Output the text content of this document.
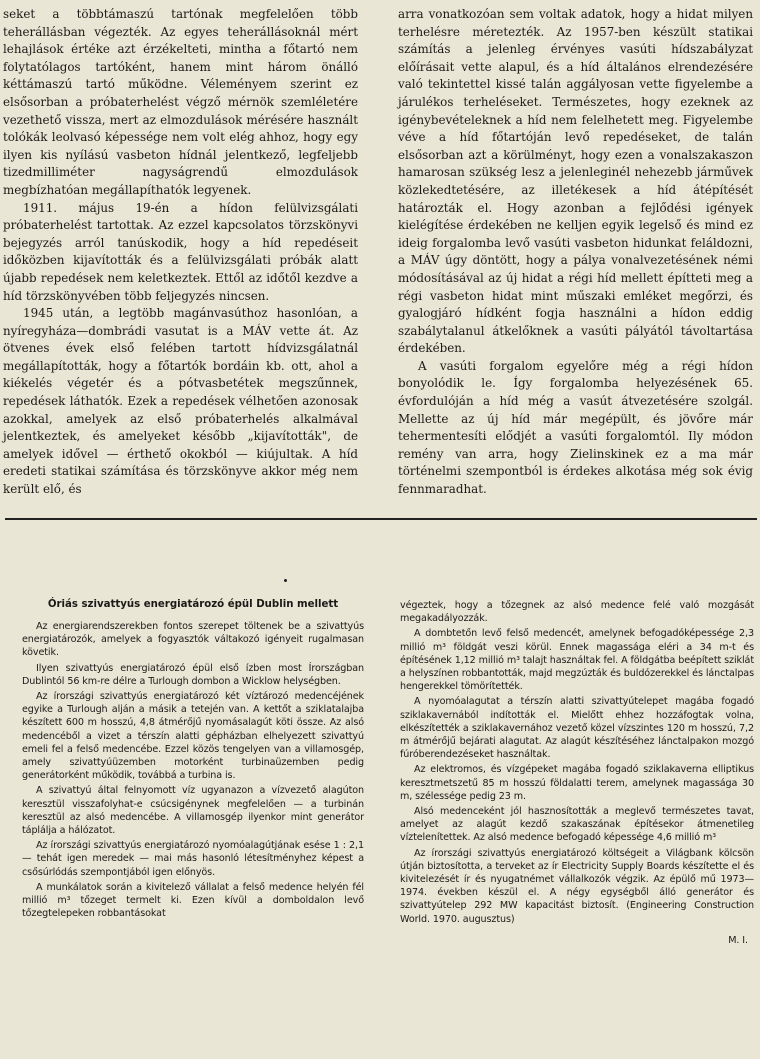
seket a többtámaszú tartónak megfelelően több teherállásban végezték. Az egyes teherállásoknál mért lehajlások értéke azt érzékelteti, mintha a főtartó nem folytatólagos tartóként, hanem mint három önálló kéttámaszú tartó működne. Véleményem szerint ez elsősorban a próbaterhelést végző mérnök szemléletére vezethető vissza, mert az elmozdulások mérésére használt tolókák leolvasó képessége nem volt elég ahhoz, hogy egy ilyen kis nyílású vasbeton hídnál jelentkező, legfeljebb tizedmilliméter nagyságrendű elmozdulások megbízhatóan megállapíthatók legyenek.

1911. május 19-én a hídon felülvizsgálati próbaterhelést tartottak. Az ezzel kapcsolatos törzskönyvi bejegyzés arról tanúskodik, hogy a híd repedéseit időközben kijavították és a felülvizsgálati próbák alatt újabb repedések nem keletkeztek. Ettől az időtől kezdve a híd törzskönyvében több feljegyzés nincsen.

1945 után, a legtöbb magánvasúthoz hasonlóan, a nyíregyháza—dombrádi vasutat is a MÁV vette át. Az ötvenes évek első felében tartott hídvizsgálatnál megállapították, hogy a főtartók bordáin kb. ott, ahol a kiékelés végetér és a pótvasbetétek megszűnnek, repedések láthatók. Ezek a repedések vélhetően azonosak azokkal, amelyek az első próbaterhelés alkalmával jelentkeztek, és amelyeket később „kijavították", de amelyek idővel — érthető okokból — kiújultak. A híd eredeti statikai számítása és törzskönyve akkor még nem került elő, és

arra vonatkozóan sem voltak adatok, hogy a hidat milyen terhelésre méretezték. Az 1957-ben készült statikai számítás a jelenleg érvényes vasúti hídszabályzat előírásait vette alapul, és a híd általános elrendezésére való tekintettel kissé talán aggályosan vette figyelembe a járulékos terheléseket. Természetes, hogy ezeknek az igénybevételeknek a híd nem felelhetett meg. Figyelembe véve a híd főtartóján levő repedéseket, de talán elsősorban azt a körülményt, hogy ezen a vonalszakaszon hamarosan szükség lesz a jelenleginél nehezebb járművek közlekedtetésére, az illetékesek a híd átépítését határozták el. Hogy azonban a fejlődési igények kielégítése érdekében ne kelljen egyik legelső és mind ez ideig forgalomba levő vasúti vasbeton hidunkat feláldozni, a MÁV úgy döntött, hogy a pálya vonalvezetésének némi módosításával az új hidat a régi híd mellett építteti meg a régi vasbeton hidat mint műszaki emléket megőrzi, és gyalogjáró hídként fogja használni a hídon eddig szabálytalanul átkelőknek a vasúti pályától távoltartása érdekében.

A vasúti forgalom egyelőre még a régi hídon bonyolódik le. Így forgalomba helyezésének 65. évfordulóján a híd még a vasút átvezetésére szolgál. Mellette az új híd már megépült, és jövőre már tehermentesíti elődjét a vasúti forgalomtól. Ily módon remény van arra, hogy Zielinskinek ez a ma már történelmi szempontból is érdekes alkotása még sok évig fennmaradhat.

Óriás szivattyús energiatározó épül Dublin mellett

Az energiarendszerekben fontos szerepet töltenek be a szivattyús energiatározók, amelyek a fogyasztók váltakozó igényeit rugalmasan követik.

Ilyen szivattyús energiatározó épül első ízben most Írországban Dublintól 56 km-re délre a Turlough dombon a Wicklow helységben.

Az írországi szivattyús energiatározó két víztározó medencéjének egyike a Turlough alján a másik a tetején van. A kettőt a sziklatalajba készített 600 m hosszú, 4,8 átmérőjű nyomásalagút köti össze. Az alsó medencéből a vizet a térszín alatti gépházban elhelyezett szivattyú emeli fel a felső medencébe. Ezzel közös tengelyen van a villamosgép, amely szivattyúüzemben motorként turbinaüzemben pedig generátorként működik, továbbá a turbina is.

A szivattyú által felnyomott víz ugyanazon a vízvezető alagúton keresztül visszafolyhat-e csúcsigénynek megfelelően — a turbinán keresztül az alsó medencébe. A villamosgép ilyenkor mint generátor táplálja a hálózatot.

Az írországi szivattyús energiatározó nyomóalagútjának esése 1 : 2,1 — tehát igen meredek — mai más hasonló létesítményhez képest a csősúrlódás szempontjából igen előnyös.

A munkálatok során a kivitelező vállalat a felső medence helyén fél millió m³ tőzeget termelt ki. Ezen kívül a domboldalon levő tőzegtelepeken robbantásokat

végeztek, hogy a tőzegnek az alsó medence felé való mozgását megakadályozzák.

A dombtetőn levő felső medencét, amelynek befogadóképessége 2,3 millió m³ földgát veszi körül. Ennek magassága eléri a 34 m-t és építésének 1,12 millió m³ talajt használtak fel. A földgátba beépített sziklát a helyszínen robbantották, majd megzúzták és buldózerekkel és lánctalpas hengerekkel tömörítették.

A nyomóalagutat a térszín alatti szivattyútelepet magába fogadó sziklakavernából indították el. Mielőtt ehhez hozzáfogtak volna, elkészítették a sziklakavernához vezető közel vízszintes 120 m hosszú, 7,2 m átmérőjű bejárati alagutat. Az alagút készítéséhez lánctalpakon mozgó fúróberendezéseket használtak.

Az elektromos, és vízgépeket magába fogadó sziklakaverna elliptikus keresztmetszetű 85 m hosszú földalatti terem, amelynek magassága 30 m, szélessége pedig 23 m.

Alsó medenceként jól hasznosították a meglevő természetes tavat, amelyet az alagút kezdő szakaszának építésekor átmenetileg víztelenítettek. Az alsó medence befogadó képessége 4,6 millió m³

Az írországi szivattyús energiatározó költségeit a Világbank kölcsön útján biztosította, a terveket az ír Electricity Supply Boards készítette el és kivitelezését ír és nyugatnémet vállalkozók végzik. Az épülő mű 1973—1974. években készül el. A négy egységből álló generátor és szivattyútelep 292 MW kapacitást biztosít. (Engineering Construction World. 1970. augusztus)

M. I.
